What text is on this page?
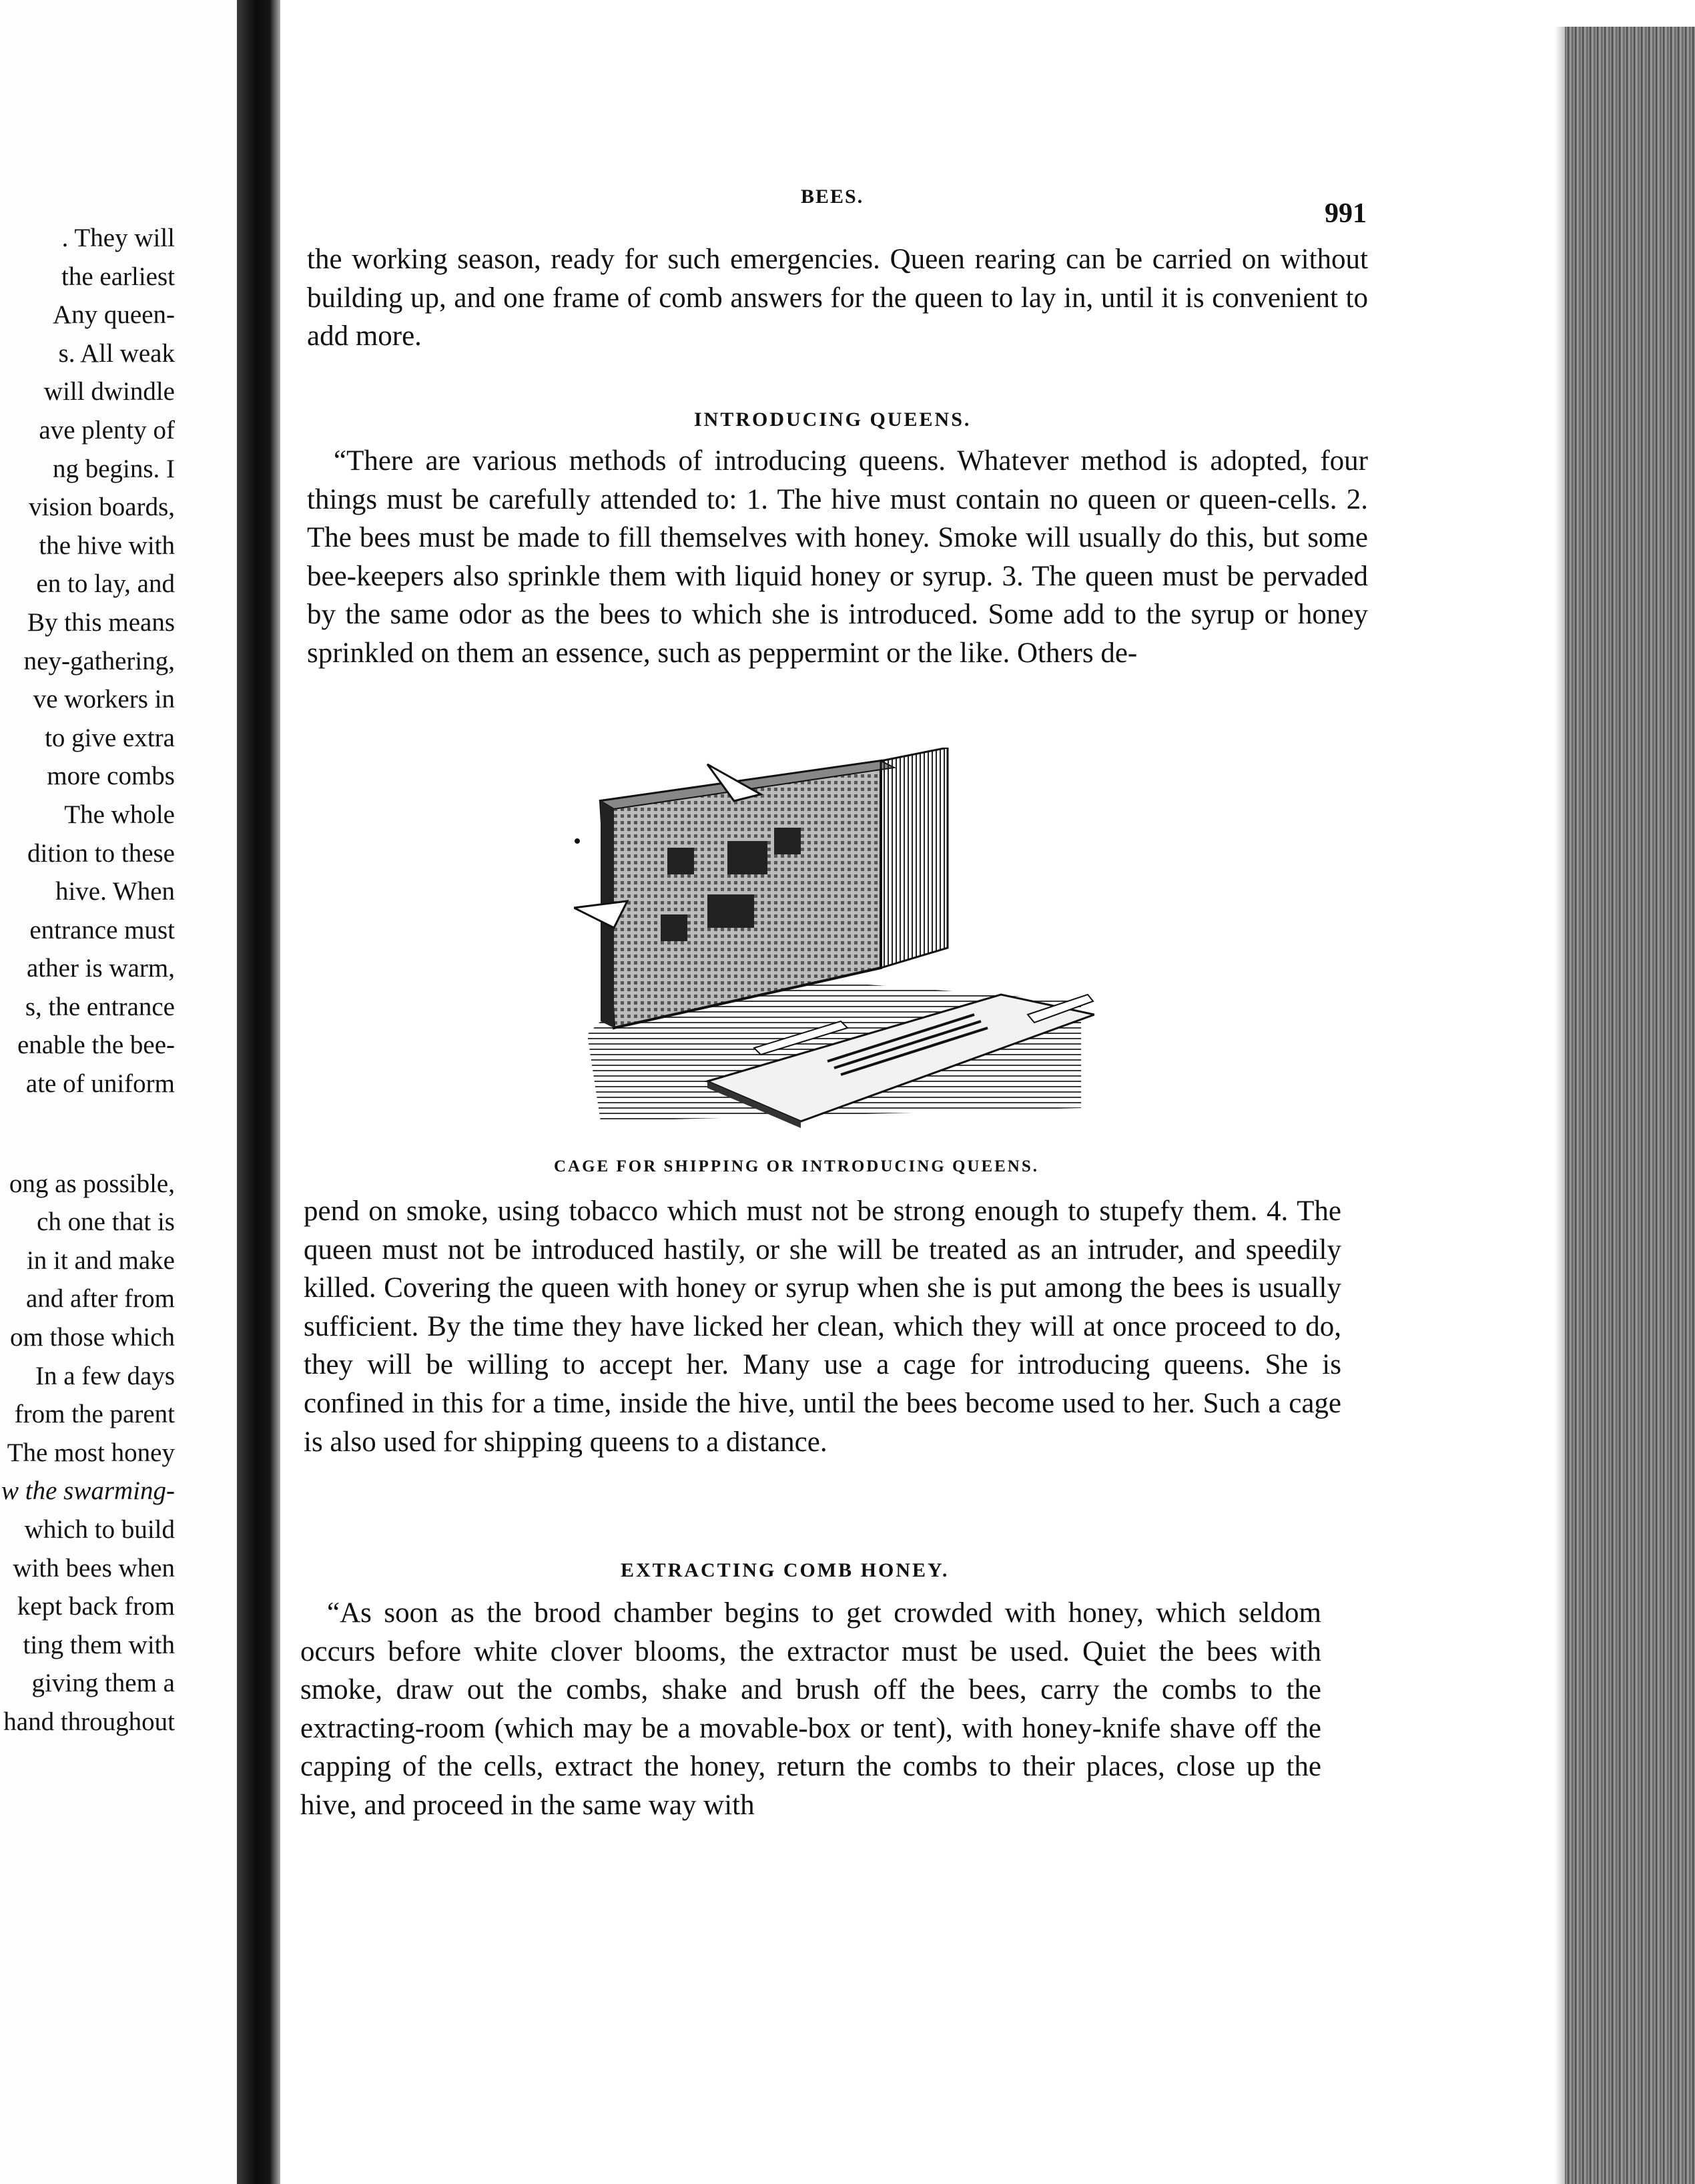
. They will
the earliest
Any queen-
s. All weak
will dwindle
ave plenty of
ng begins. I
vision boards,
the hive with
en to lay, and
By this means
ney-gathering,
ve workers in
to give extra
more combs
The whole
dition to these
hive. When
entrance must
ather is warm,
s, the entrance
enable the bee-
ate of uniform
ong as possible,
ch one that is
in it and make
and after from
om those which
In a few days
from the parent
The most honey
w the swarming-
which to build
with bees when
kept back from
ting them with
giving them a
hand throughout
BEES.
991

the working season, ready for such emergencies. Queen rearing can be carried on without building up, and one frame of comb answers for the queen to lay in, until it is convenient to add more.

INTRODUCING QUEENS.

“There are various methods of introducing queens. Whatever method is adopted, four things must be carefully attended to: 1. The hive must contain no queen or queen-cells. 2. The bees must be made to fill themselves with honey. Smoke will usually do this, but some bee-keepers also sprinkle them with liquid honey or syrup. 3. The queen must be pervaded by the same odor as the bees to which she is introduced. Some add to the syrup or honey sprinkled on them an essence, such as peppermint or the like. Others de-

CAGE FOR SHIPPING OR INTRODUCING QUEENS.

pend on smoke, using tobacco which must not be strong enough to stupefy them. 4. The queen must not be introduced hastily, or she will be treated as an intruder, and speedily killed. Covering the queen with honey or syrup when she is put among the bees is usually sufficient. By the time they have licked her clean, which they will at once proceed to do, they will be willing to accept her. Many use a cage for introducing queens. She is confined in this for a time, inside the hive, until the bees become used to her. Such a cage is also used for shipping queens to a distance.

EXTRACTING COMB HONEY.

“As soon as the brood chamber begins to get crowded with honey, which seldom occurs before white clover blooms, the extractor must be used. Quiet the bees with smoke, draw out the combs, shake and brush off the bees, carry the combs to the extracting-room (which may be a movable-box or tent), with honey-knife shave off the capping of the cells, extract the honey, return the combs to their places, close up the hive, and proceed in the same way with
